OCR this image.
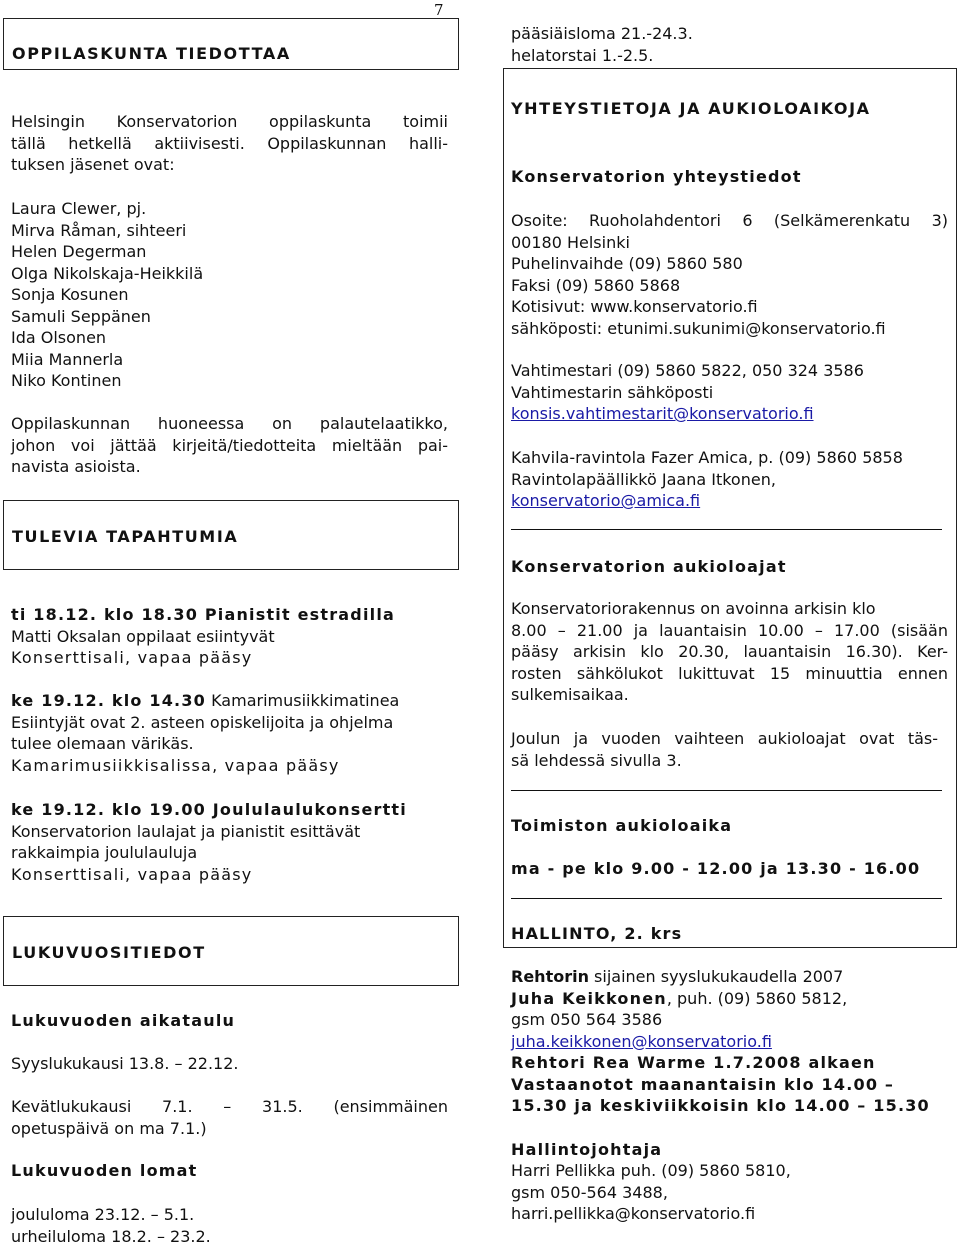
7
OPPILASKUNTA TIEDOTTAA
Helsingin Konservatorion oppilaskunta toimii
tällä hetkellä aktiivisesti. Oppilaskunnan halli-
tuksen jäsenet ovat:
Laura Clewer, pj.
Mirva Råman, sihteeri
Helen Degerman
Olga Nikolskaja-Heikkilä
Sonja Kosunen
Samuli Seppänen
Ida Olsonen
Miia Mannerla
Niko Kontinen
Oppilaskunnan huoneessa on palautelaatikko,
johon voi jättää kirjeitä/tiedotteita mieltään pai-
navista asioista.
TULEVIA TAPAHTUMIA
ti 18.12. klo 18.30 Pianistit estradilla
Matti Oksalan oppilaat esiintyvät
Konserttisali, vapaa pääsy
ke 19.12. klo 14.30 Kamarimusiikkimatinea
Esiintyjät ovat 2. asteen opiskelijoita ja ohjelma
tulee olemaan värikäs.
Kamarimusiikkisalissa, vapaa pääsy
ke 19.12. klo 19.00 Joululaulukonsertti
Konservatorion laulajat ja pianistit esittävät
rakkaimpia joululauluja
Konserttisali, vapaa pääsy
LUKUVUOSITIEDOT
Lukuvuoden aikataulu
Syyslukukausi 13.8. – 22.12.
Kevätlukukausi 7.1. – 31.5. (ensimmäinen
opetuspäivä on ma 7.1.)
Lukuvuoden lomat
joululoma 23.12. – 5.1.
urheiluloma 18.2. – 23.2.
pääsiäisloma 21.-24.3.
helatorstai 1.-2.5.
YHTEYSTIETOJA JA AUKIOLOAIKOJA
Konservatorion yhteystiedot
Osoite: Ruoholahdentori 6 (Selkämerenkatu 3)
00180 Helsinki
Puhelinvaihde (09) 5860 580
Faksi (09) 5860 5868
Kotisivut: www.konservatorio.fi
sähköposti: etunimi.sukunimi@konservatorio.fi
Vahtimestari (09) 5860 5822, 050 324 3586
Vahtimestarin sähköposti
konsis.vahtimestarit@konservatorio.fi
Kahvila-ravintola Fazer Amica, p. (09) 5860 5858
Ravintolapäällikkö Jaana Itkonen,
konservatorio@amica.fi
Konservatorion aukioloajat
Konservatoriorakennus on avoinna arkisin klo
8.00 – 21.00 ja lauantaisin 10.00 – 17.00 (sisään
pääsy arkisin klo 20.30, lauantaisin 16.30). Ker-
rosten sähkölukot lukittuvat 15 minuuttia ennen
sulkemisaikaa.
Joulun ja vuoden vaihteen aukioloajat ovat täs-
sä lehdessä sivulla 3.
Toimiston aukioloaika
ma - pe klo 9.00 - 12.00 ja 13.30 - 16.00
HALLINTO, 2. krs
Rehtorin sijainen syyslukukaudella 2007
Juha Keikkonen, puh. (09) 5860 5812,
gsm 050 564 3586
juha.keikkonen@konservatorio.fi
Rehtori Rea Warme 1.7.2008 alkaen
Vastaanotot maanantaisin klo 14.00 –
15.30 ja keskiviikkoisin klo 14.00 – 15.30
Hallintojohtaja
Harri Pellikka puh. (09) 5860 5810,
gsm 050-564 3488,
harri.pellikka@konservatorio.fi
